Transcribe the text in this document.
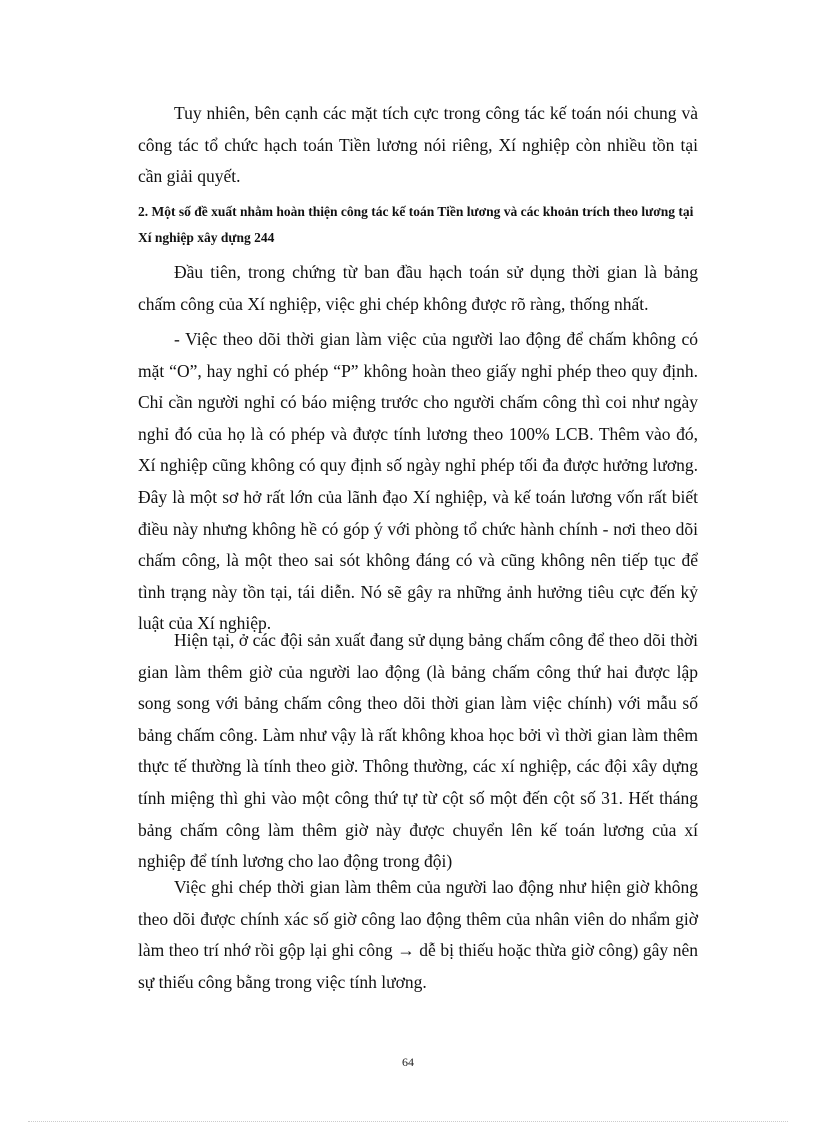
Tuy nhiên, bên cạnh các mặt tích cực trong công tác kế toán nói chung và công tác tổ chức hạch toán Tiền lương nói riêng, Xí nghiệp còn nhiều tồn tại cần giải quyết.

2. Một số đề xuất nhằm hoàn thiện công tác kế toán Tiền lương và các khoản trích theo lương tại Xí nghiệp xây dựng 244

Đầu tiên, trong chứng từ ban đầu hạch toán sử dụng thời gian là bảng chấm công của Xí nghiệp, việc ghi chép không được rõ ràng, thống nhất.

- Việc theo dõi thời gian làm việc của người lao động để chấm không có mặt “O”, hay nghỉ có phép “P” không hoàn theo giấy nghỉ phép theo quy định. Chỉ cần người nghỉ có báo miệng trước cho người chấm công thì coi như ngày nghỉ đó của họ là có phép và được tính lương theo 100% LCB. Thêm vào đó, Xí nghiệp cũng không có quy định số ngày nghỉ phép tối đa được hưởng lương. Đây là một sơ hở rất lớn của lãnh đạo Xí nghiệp, và kế toán lương vốn rất biết điều này nhưng không hề có góp ý với phòng tổ chức hành chính - nơi theo dõi chấm công, là một theo sai sót không đáng có và cũng không nên tiếp tục để tình trạng này tồn tại, tái diễn. Nó sẽ gây ra những ảnh hưởng tiêu cực đến kỷ luật của Xí nghiệp.

Hiện tại, ở các đội sản xuất đang sử dụng bảng chấm công để theo dõi thời gian làm thêm giờ của người lao động (là bảng chấm công thứ hai được lập song song với bảng chấm công theo dõi thời gian làm việc chính) với mẫu số bảng chấm công. Làm như vậy là rất không khoa học bởi vì thời gian làm thêm thực tế thường là tính theo giờ. Thông thường, các xí nghiệp, các đội xây dựng tính miệng thì ghi vào một công thứ tự từ cột số một đến cột số 31. Hết tháng bảng chấm công làm thêm giờ này được chuyển lên kế toán lương của xí nghiệp để tính lương cho lao động trong đội)

Việc ghi chép thời gian làm thêm của người lao động như hiện giờ không theo dõi được chính xác số giờ công lao động thêm của nhân viên do nhẩm giờ làm theo trí nhớ rồi gộp lại ghi công → dễ bị thiếu hoặc thừa giờ công) gây nên sự thiếu công bằng trong việc tính lương.

64
